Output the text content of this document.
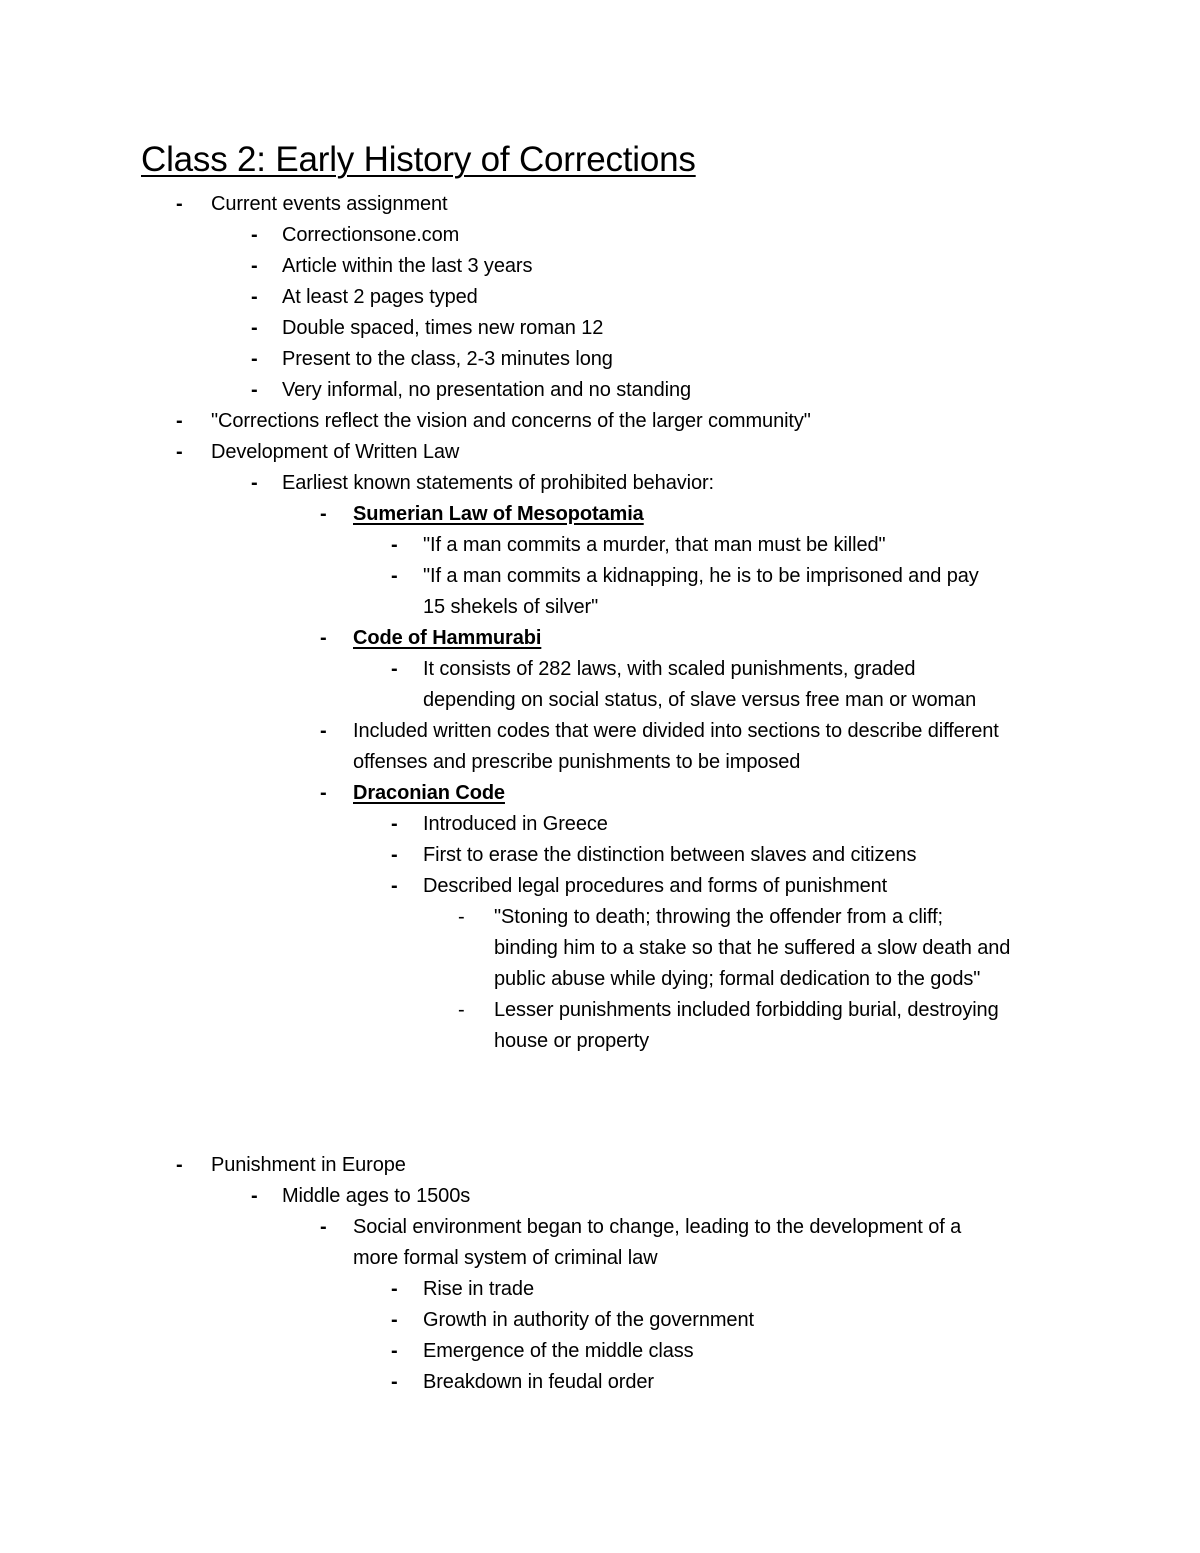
Class 2: Early History of Corrections
- Current events assignment
- Correctionsone.com
- Article within the last 3 years
- At least 2 pages typed
- Double spaced, times new roman 12
- Present to the class, 2-3 minutes long
- Very informal, no presentation and no standing
- "Corrections reflect the vision and concerns of the larger community"
- Development of Written Law
- Earliest known statements of prohibited behavior:
- Sumerian Law of Mesopotamia
- "If a man commits a murder, that man must be killed"
- "If a man commits a kidnapping, he is to be imprisoned and pay
15 shekels of silver"
- Code of Hammurabi
- It consists of 282 laws, with scaled punishments, graded
depending on social status, of slave versus free man or woman
- Included written codes that were divided into sections to describe different
offenses and prescribe punishments to be imposed
- Draconian Code
- Introduced in Greece
- First to erase the distinction between slaves and citizens
- Described legal procedures and forms of punishment
- "Stoning to death; throwing the offender from a cliff;
binding him to a stake so that he suffered a slow death and
public abuse while dying; formal dedication to the gods"
- Lesser punishments included forbidding burial, destroying
house or property
- Punishment in Europe
- Middle ages to 1500s
- Social environment began to change, leading to the development of a
more formal system of criminal law
- Rise in trade
- Growth in authority of the government
- Emergence of the middle class
- Breakdown in feudal order
